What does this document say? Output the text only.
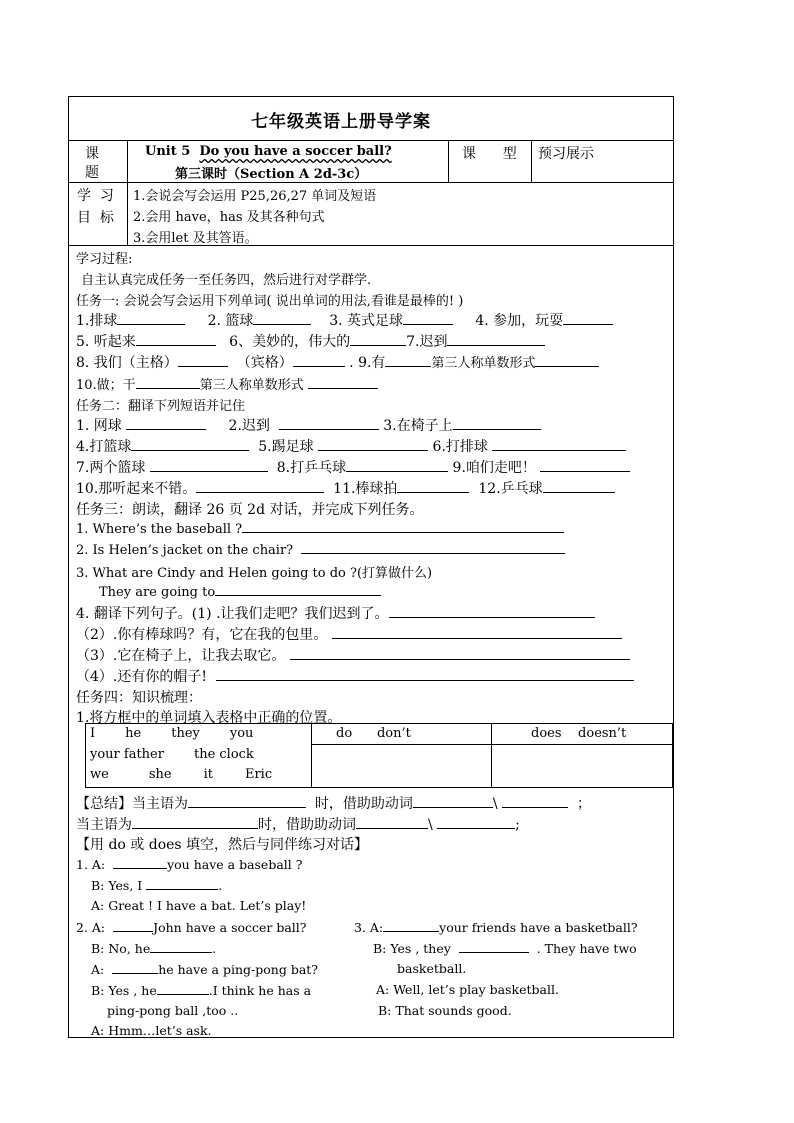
七年级英语上册导学案
课
题
Unit 5 Do you have a soccer ball?
第三课时（Section A 2d-3c）
课      型 预习展示
学  习
目  标
1.会说会写会运用 P25,26,27 单词及短语
2.会用 have，has 及其各种句式
3.会用let 及其答语。
学习过程:
自主认真完成任务一至任务四，然后进行对学群学.
任务一: 会说会写会运用下列单词( 说出单词的用法,看谁是最棒的! )
1.排球	2. 篮球	3. 英式足球	4. 参加，玩耍
5. 听起来	6、美妙的，伟大的	7.迟到
8. 我们（主格）	（宾格）	. 9.有	第三人称单数形式
10.做；干	第三人称单数形式
任务二：翻译下列短语并记住
1. 网球	2.迟到	3.在椅子上
4.打篮球	5.踢足球	6.打排球
7.两个篮球	8.打乒乓球	9.咱们走吧！
10.那听起来不错。	11.棒球拍	12.乒乓球
任务三：朗读，翻译 26 页 2d 对话，并完成下列任务。
1. Where’s the baseball ?
2. Is Helen’s jacket on the chair?
3. What are Cindy and Helen going to do ?(打算做什么)
They are going to
4. 翻译下列句子。(1) .让我们走吧？我们迟到了。
（2）.你有棒球吗？有，它在我的包里。
（3）.它在椅子上，让我去取它。
（4）.还有你的帽子!
任务四：知识梳理：
1.将方框中的单词填入表格中正确的位置。
I he they you
your father the clock
we	she it Eric
do      don’t	does    doesn’t
【总结】当主语为	时，借助助动词	\	；
当主语为	时，借助助动词	\	;
【用 do 或 does 填空，然后与同伴练习对话】
1. A:	you have a baseball ?
B: Yes, I	.
A: Great ! I have a bat. Let’s play!
2. A:	John have a soccer ball?
B: No, he	.
A:	he have a ping-pong bat?
B: Yes , he	.I think he has a
ping-pong ball ,too ..
A: Hmm…let’s ask.
3. A:	your friends have a basketball?
B: Yes , they	. They have two
basketball.
A: Well, let’s play basketball.
B: That sounds good.
